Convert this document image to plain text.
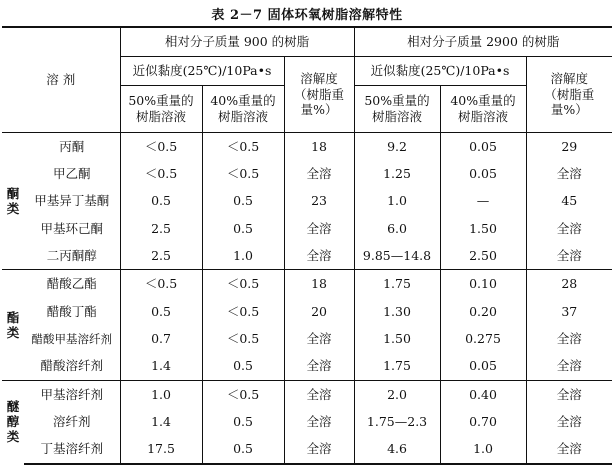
表 2－7 固体环氧树脂溶解特性
溶 剂		相对分子质量 900 的树脂			相对分子质量 2900 的树脂		
		近似黏度(25℃)/10Pa•s		溶解度（树脂重量%）	近似黏度(25℃)/10Pa•s		溶解度（树脂重量%）
		50%重量的树脂溶液	40%重量的树脂溶液		50%重量的树脂溶液	40%重量的树脂溶液	
酮类	丙酮	＜0.5	＜0.5	18	9.2	0.05	29
	甲乙酮	＜0.5	＜0.5	全溶	1.25	0.05	全溶
	甲基异丁基酮	0.5	0.5	23	1.0	—	45
	甲基环己酮	2.5	0.5	全溶	6.0	1.50	全溶
	二丙酮醇	2.5	1.0	全溶	9.85—14.8	2.50	全溶
酯类	醋酸乙酯	＜0.5	＜0.5	18	1.75	0.10	28
	醋酸丁酯	0.5	＜0.5	20	1.30	0.20	37
	醋酸甲基溶纤剂	0.7	＜0.5	全溶	1.50	0.275	全溶
	醋酸溶纤剂	1.4	0.5	全溶	1.75	0.05	全溶
醚醇类	甲基溶纤剂	1.0	＜0.5	全溶	2.0	0.40	全溶
	溶纤剂	1.4	0.5	全溶	1.75—2.3	0.70	全溶
	丁基溶纤剂	17.5	0.5	全溶	4.6	1.0	全溶
